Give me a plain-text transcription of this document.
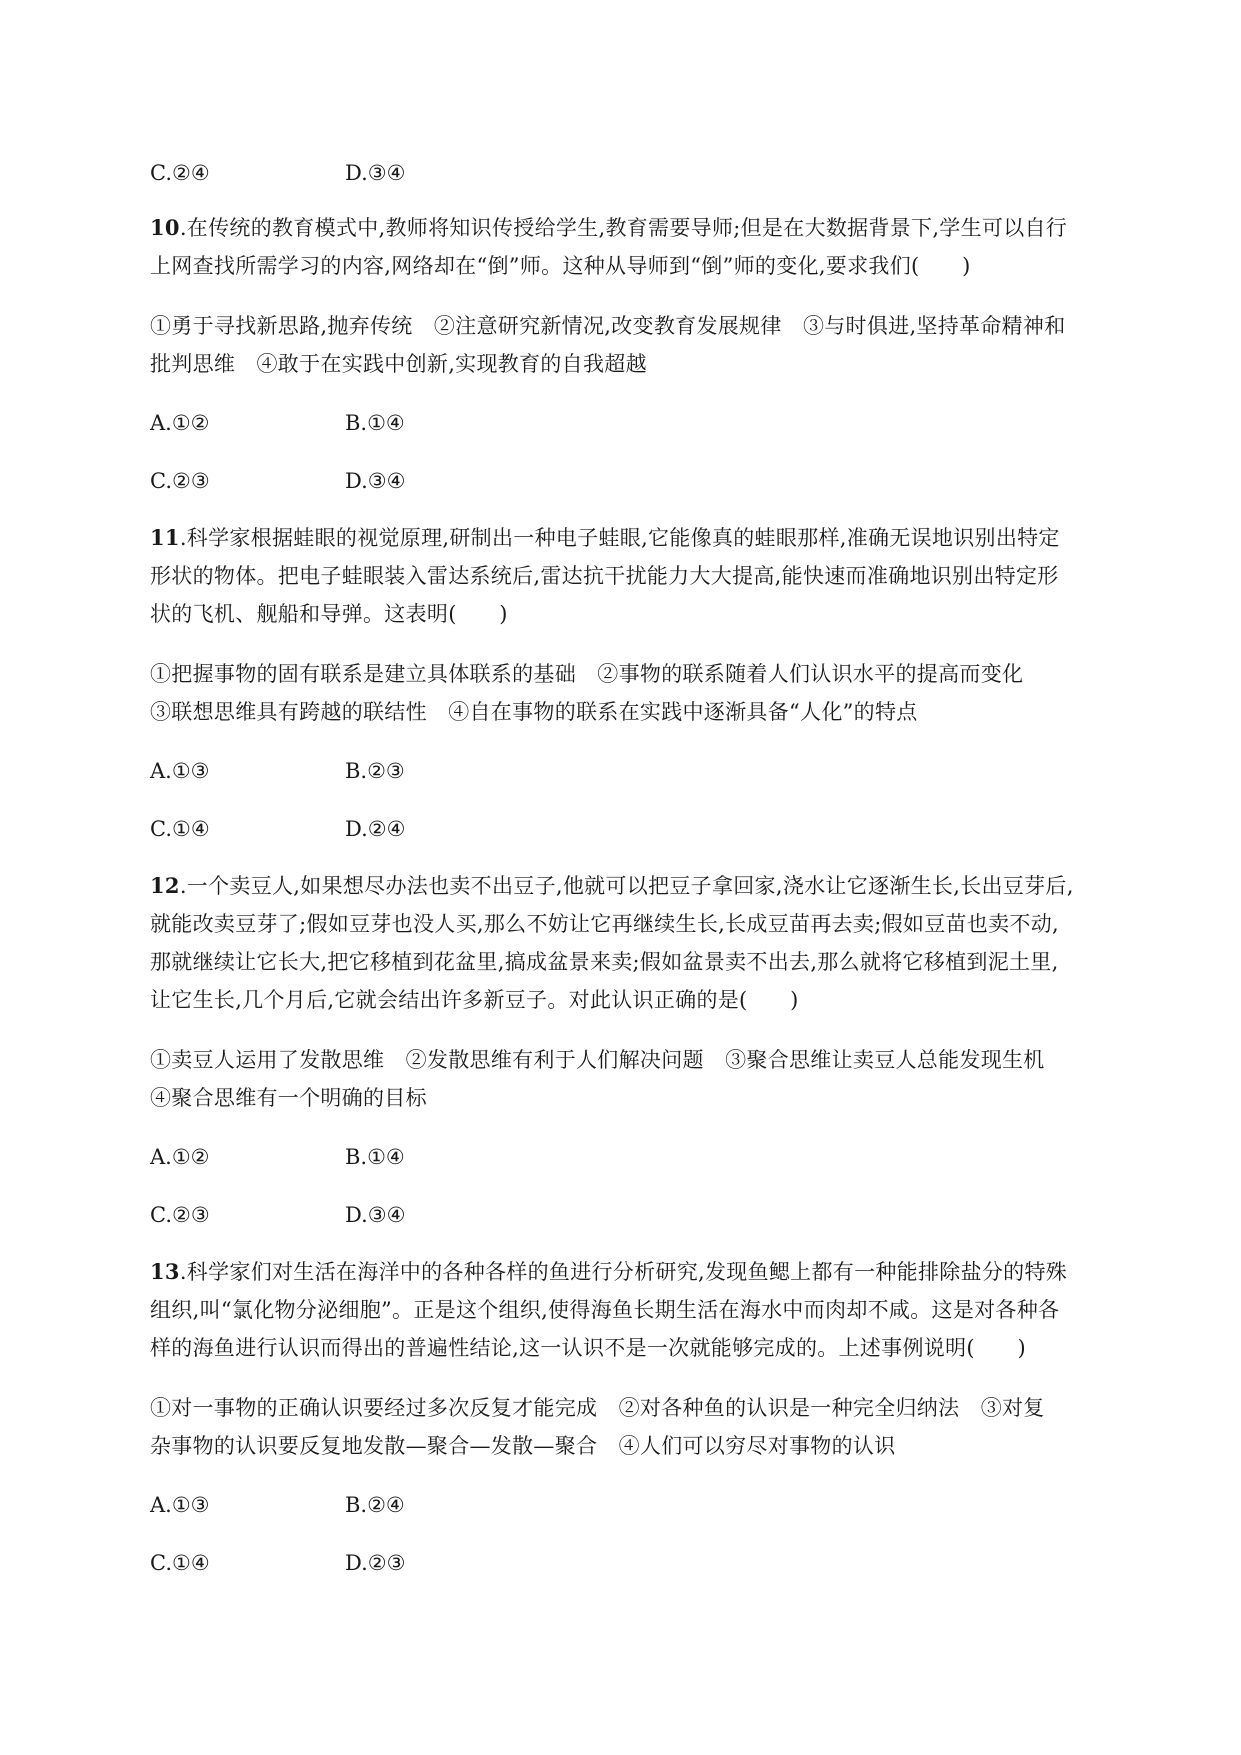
C.②④	D.③④
10.在传统的教育模式中,教师将知识传授给学生,教育需要导师;但是在大数据背景下,学生可以自行
上网查找所需学习的内容,网络却在“倒”师。这种从导师到“倒”师的变化,要求我们(　　)
①勇于寻找新思路,抛弃传统　②注意研究新情况,改变教育发展规律　③与时俱进,坚持革命精神和
批判思维　④敢于在实践中创新,实现教育的自我超越
A.①②	B.①④
C.②③	D.③④
11.科学家根据蛙眼的视觉原理,研制出一种电子蛙眼,它能像真的蛙眼那样,准确无误地识别出特定
形状的物体。把电子蛙眼装入雷达系统后,雷达抗干扰能力大大提高,能快速而准确地识别出特定形
状的飞机、舰船和导弹。这表明(　　)
①把握事物的固有联系是建立具体联系的基础　②事物的联系随着人们认识水平的提高而变化
③联想思维具有跨越的联结性　④自在事物的联系在实践中逐渐具备“人化”的特点
A.①③	B.②③
C.①④	D.②④
12.一个卖豆人,如果想尽办法也卖不出豆子,他就可以把豆子拿回家,浇水让它逐渐生长,长出豆芽后,
就能改卖豆芽了;假如豆芽也没人买,那么不妨让它再继续生长,长成豆苗再去卖;假如豆苗也卖不动,
那就继续让它长大,把它移植到花盆里,搞成盆景来卖;假如盆景卖不出去,那么就将它移植到泥土里,
让它生长,几个月后,它就会结出许多新豆子。对此认识正确的是(　　)
①卖豆人运用了发散思维　②发散思维有利于人们解决问题　③聚合思维让卖豆人总能发现生机
④聚合思维有一个明确的目标
A.①②	B.①④
C.②③	D.③④
13.科学家们对生活在海洋中的各种各样的鱼进行分析研究,发现鱼鳃上都有一种能排除盐分的特殊
组织,叫“氯化物分泌细胞”。正是这个组织,使得海鱼长期生活在海水中而肉却不咸。这是对各种各
样的海鱼进行认识而得出的普遍性结论,这一认识不是一次就能够完成的。上述事例说明(　　)
①对一事物的正确认识要经过多次反复才能完成　②对各种鱼的认识是一种完全归纳法　③对复
杂事物的认识要反复地发散—聚合—发散—聚合　④人们可以穷尽对事物的认识
A.①③	B.②④
C.①④	D.②③
